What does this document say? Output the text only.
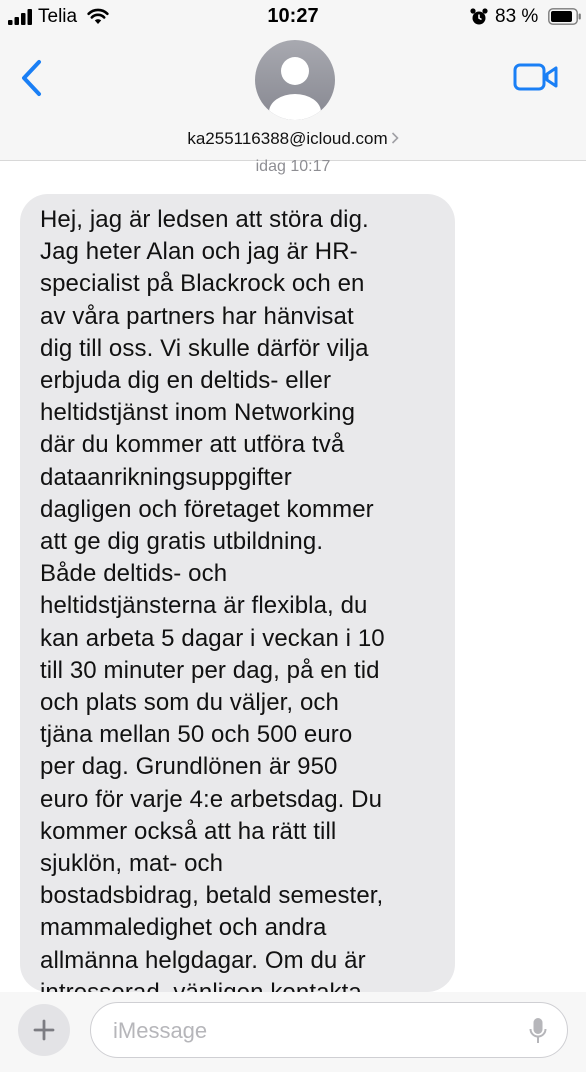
Telia	10:27	83 %
ka255116388@icloud.com
idag 10:17

Hej, jag är ledsen att störa dig.
Jag heter Alan och jag är HR-
specialist på Blackrock och en
av våra partners har hänvisat
dig till oss. Vi skulle därför vilja
erbjuda dig en deltids- eller
heltidstjänst inom Networking
där du kommer att utföra två
dataanrikningsuppgifter
dagligen och företaget kommer
att ge dig gratis utbildning.
Både deltids- och
heltidstjänsterna är flexibla, du
kan arbeta 5 dagar i veckan i 10
till 30 minuter per dag, på en tid
och plats som du väljer, och
tjäna mellan 50 och 500 euro
per dag. Grundlönen är 950
euro för varje 4:e arbetsdag. Du
kommer också att ha rätt till
sjuklön, mat- och
bostadsbidrag, betald semester,
mammaledighet och andra
allmänna helgdagar. Om du är

iMessage
